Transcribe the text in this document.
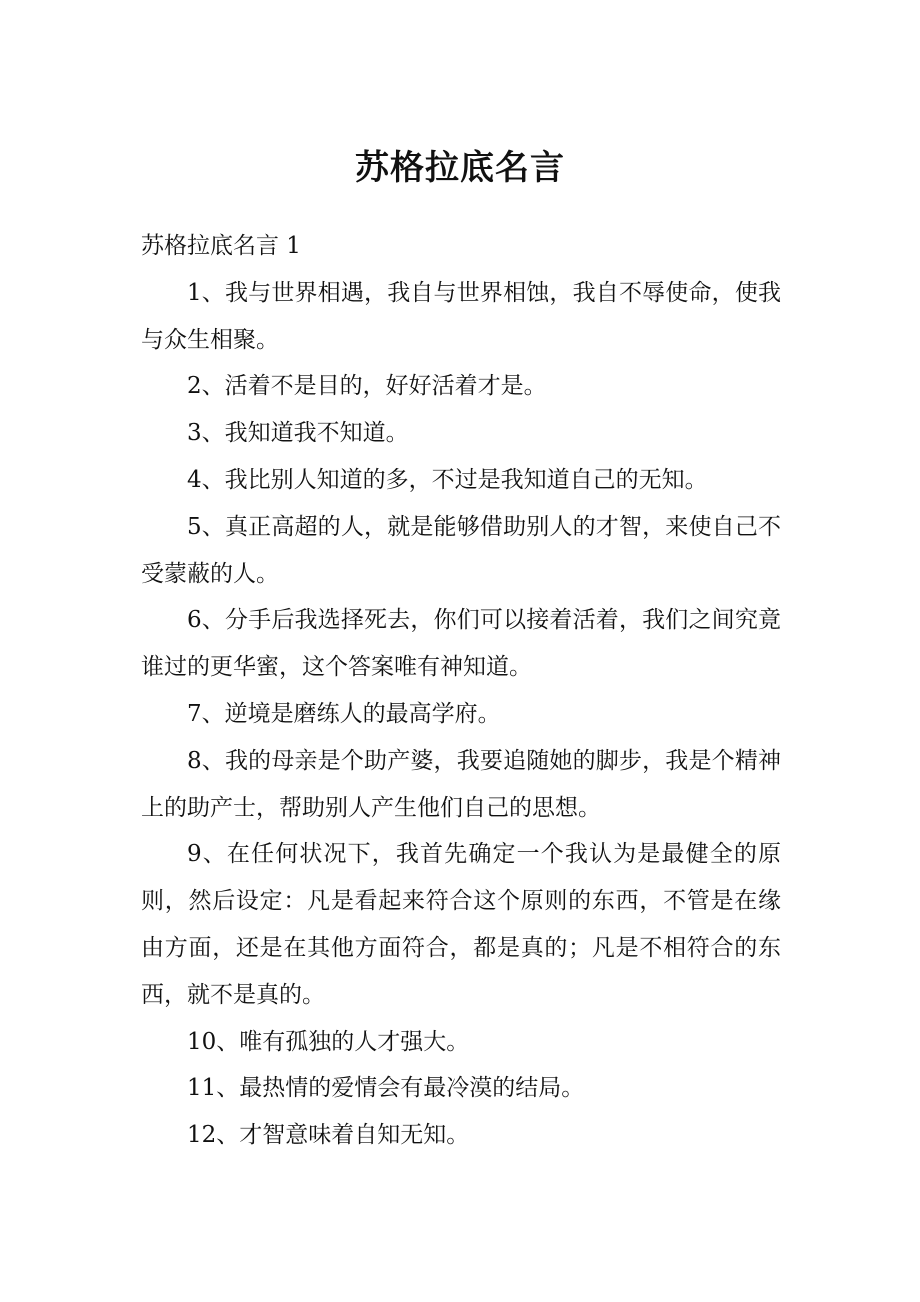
苏格拉底名言

苏格拉底名言 1

1、我与世界相遇，我自与世界相蚀，我自不辱使命，使我与众生相聚。

2、活着不是目的，好好活着才是。

3、我知道我不知道。

4、我比别人知道的多，不过是我知道自己的无知。

5、真正高超的人，就是能够借助别人的才智，来使自己不受蒙蔽的人。

6、分手后我选择死去，你们可以接着活着，我们之间究竟谁过的更华蜜，这个答案唯有神知道。

7、逆境是磨练人的最高学府。

8、我的母亲是个助产婆，我要追随她的脚步，我是个精神上的助产士，帮助别人产生他们自己的思想。

9、在任何状况下，我首先确定一个我认为是最健全的原则，然后设定：凡是看起来符合这个原则的东西，不管是在缘由方面，还是在其他方面符合，都是真的；凡是不相符合的东西，就不是真的。

10、唯有孤独的人才强大。

11、最热情的爱情会有最冷漠的结局。

12、才智意味着自知无知。
